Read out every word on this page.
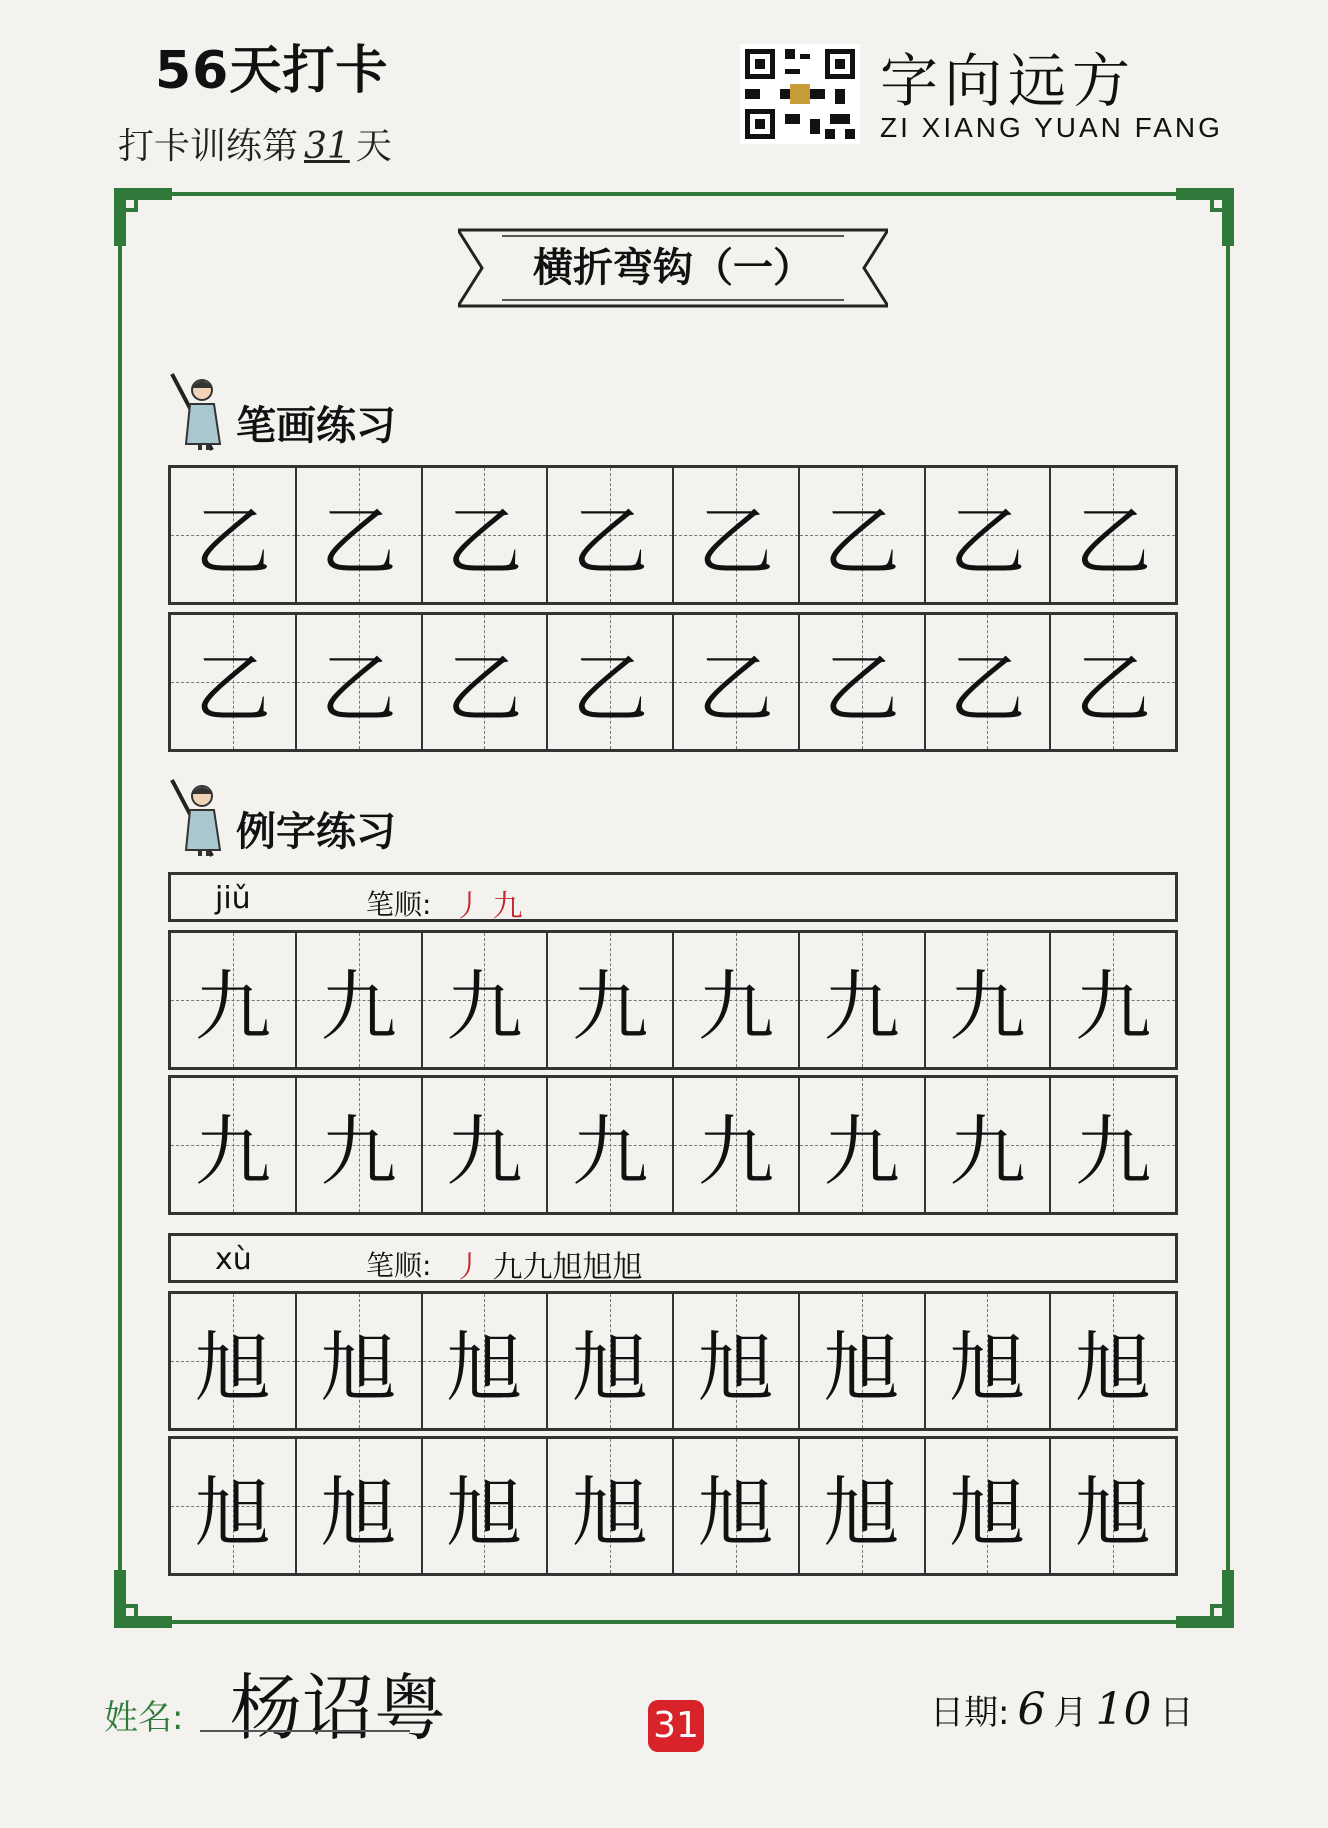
56天打卡
打卡训练第 31 天
字向远方
ZI XIANG YUAN FANG
横折弯钩（一）
笔画练习
乙 乙 乙 乙 乙 乙 乙 乙
乙 乙 乙 乙 乙 乙 乙 乙
例字练习
jiǔ	笔顺: 丿 九
九 九 九 九 九 九 九 九
九 九 九 九 九 九 九 九
xù	笔顺: 丿 九九旭旭旭
旭 旭 旭 旭 旭 旭 旭 旭
旭 旭 旭 旭 旭 旭 旭 旭
姓名: 杨诏粤	31	日期: 6 月 10 日
